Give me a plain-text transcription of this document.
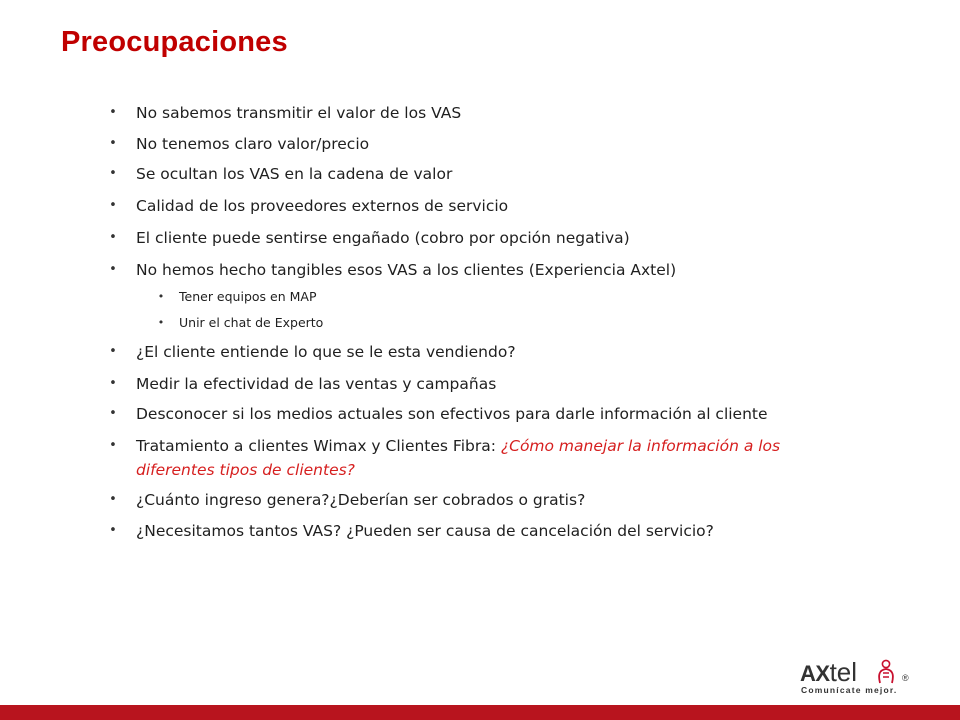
Preocupaciones
• No sabemos transmitir el valor de los VAS
• No tenemos claro valor/precio
• Se ocultan los VAS en la cadena de valor
• Calidad de los proveedores externos de servicio
• El cliente puede sentirse engañado (cobro por opción negativa)
• No hemos hecho tangibles esos VAS a los clientes (Experiencia Axtel)
•	Tener equipos en MAP
•	Unir el chat de Experto
• ¿El cliente entiende lo que se le esta vendiendo?
• Medir la efectividad de las ventas y campañas
• Desconocer si los medios actuales son efectivos para darle información al cliente
• Tratamiento a clientes Wimax y Clientes Fibra: ¿Cómo manejar la información a los diferentes tipos de clientes?
• ¿Cuánto ingreso genera?¿Deberían ser cobrados o gratis?
• ¿Necesitamos tantos VAS? ¿Pueden ser causa de cancelación del servicio?
AXtel	®
Comunícate mejor.
